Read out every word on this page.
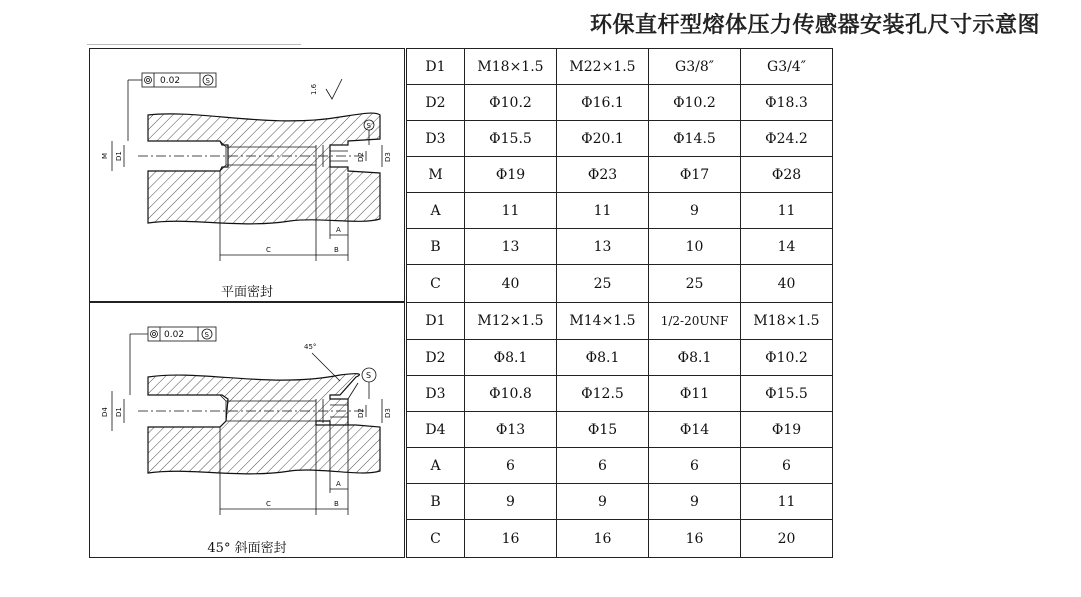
环保直杆型熔体压力传感器安装孔尺寸示意图
M D1	D2	D3
S
1.6
0.02	S
C	B
A
平面密封
D4 D1	D2	D3
S
45°
0.02	S
C	B
A
45° 斜面密封
D1	M18×1.5	M22×1.5	G3/8″	G3/4″
D2	Φ10.2	Φ16.1	Φ10.2	Φ18.3
D3	Φ15.5	Φ20.1	Φ14.5	Φ24.2
M	Φ19	Φ23	Φ17	Φ28
A	11	11	9	11
B	13	13	10	14
C	40	25	25	40
D1	M12×1.5	M14×1.5	1/2-20UNF	M18×1.5
D2	Φ8.1	Φ8.1	Φ8.1	Φ10.2
D3	Φ10.8	Φ12.5	Φ11	Φ15.5
D4	Φ13	Φ15	Φ14	Φ19
A	6	6	6	6
B	9	9	9	11
C	16	16	16	20
